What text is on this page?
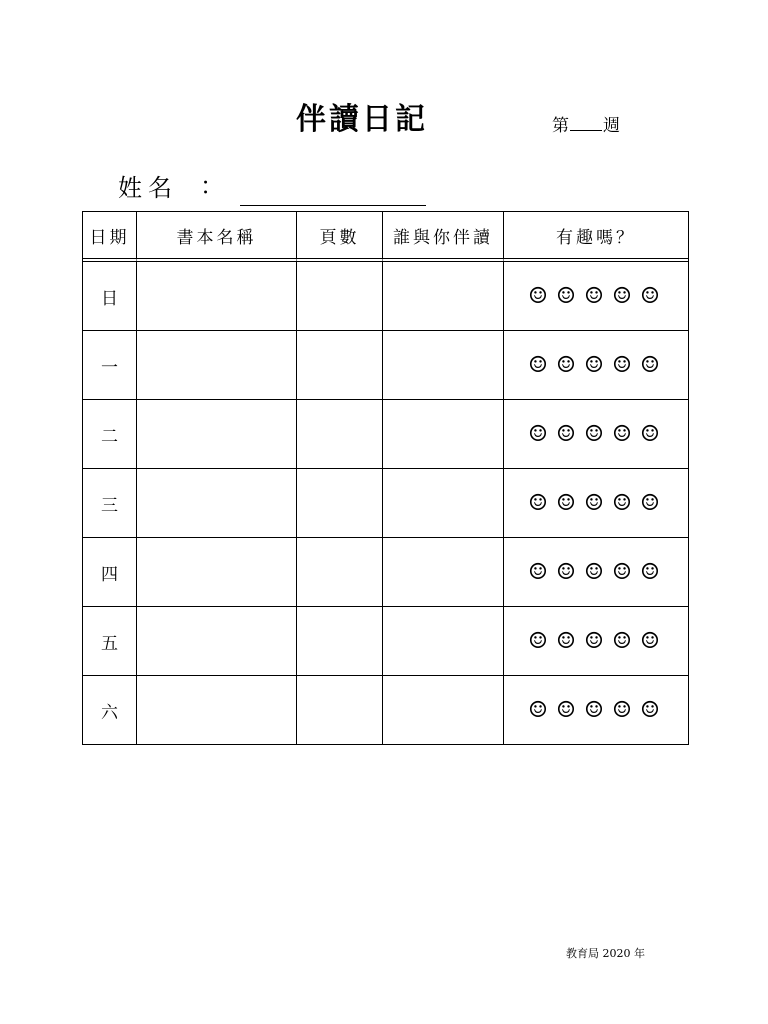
伴讀日記	第 週
姓名 ：
日期	書本名稱	頁數	誰與你伴讀	有趣嗎？
日				☺ ☺ ☺ ☺ ☺
一				☺ ☺ ☺ ☺ ☺
二				☺ ☺ ☺ ☺ ☺
三				☺ ☺ ☺ ☺ ☺
四				☺ ☺ ☺ ☺ ☺
五				☺ ☺ ☺ ☺ ☺
六				☺ ☺ ☺ ☺ ☺
教育局 2020 年
